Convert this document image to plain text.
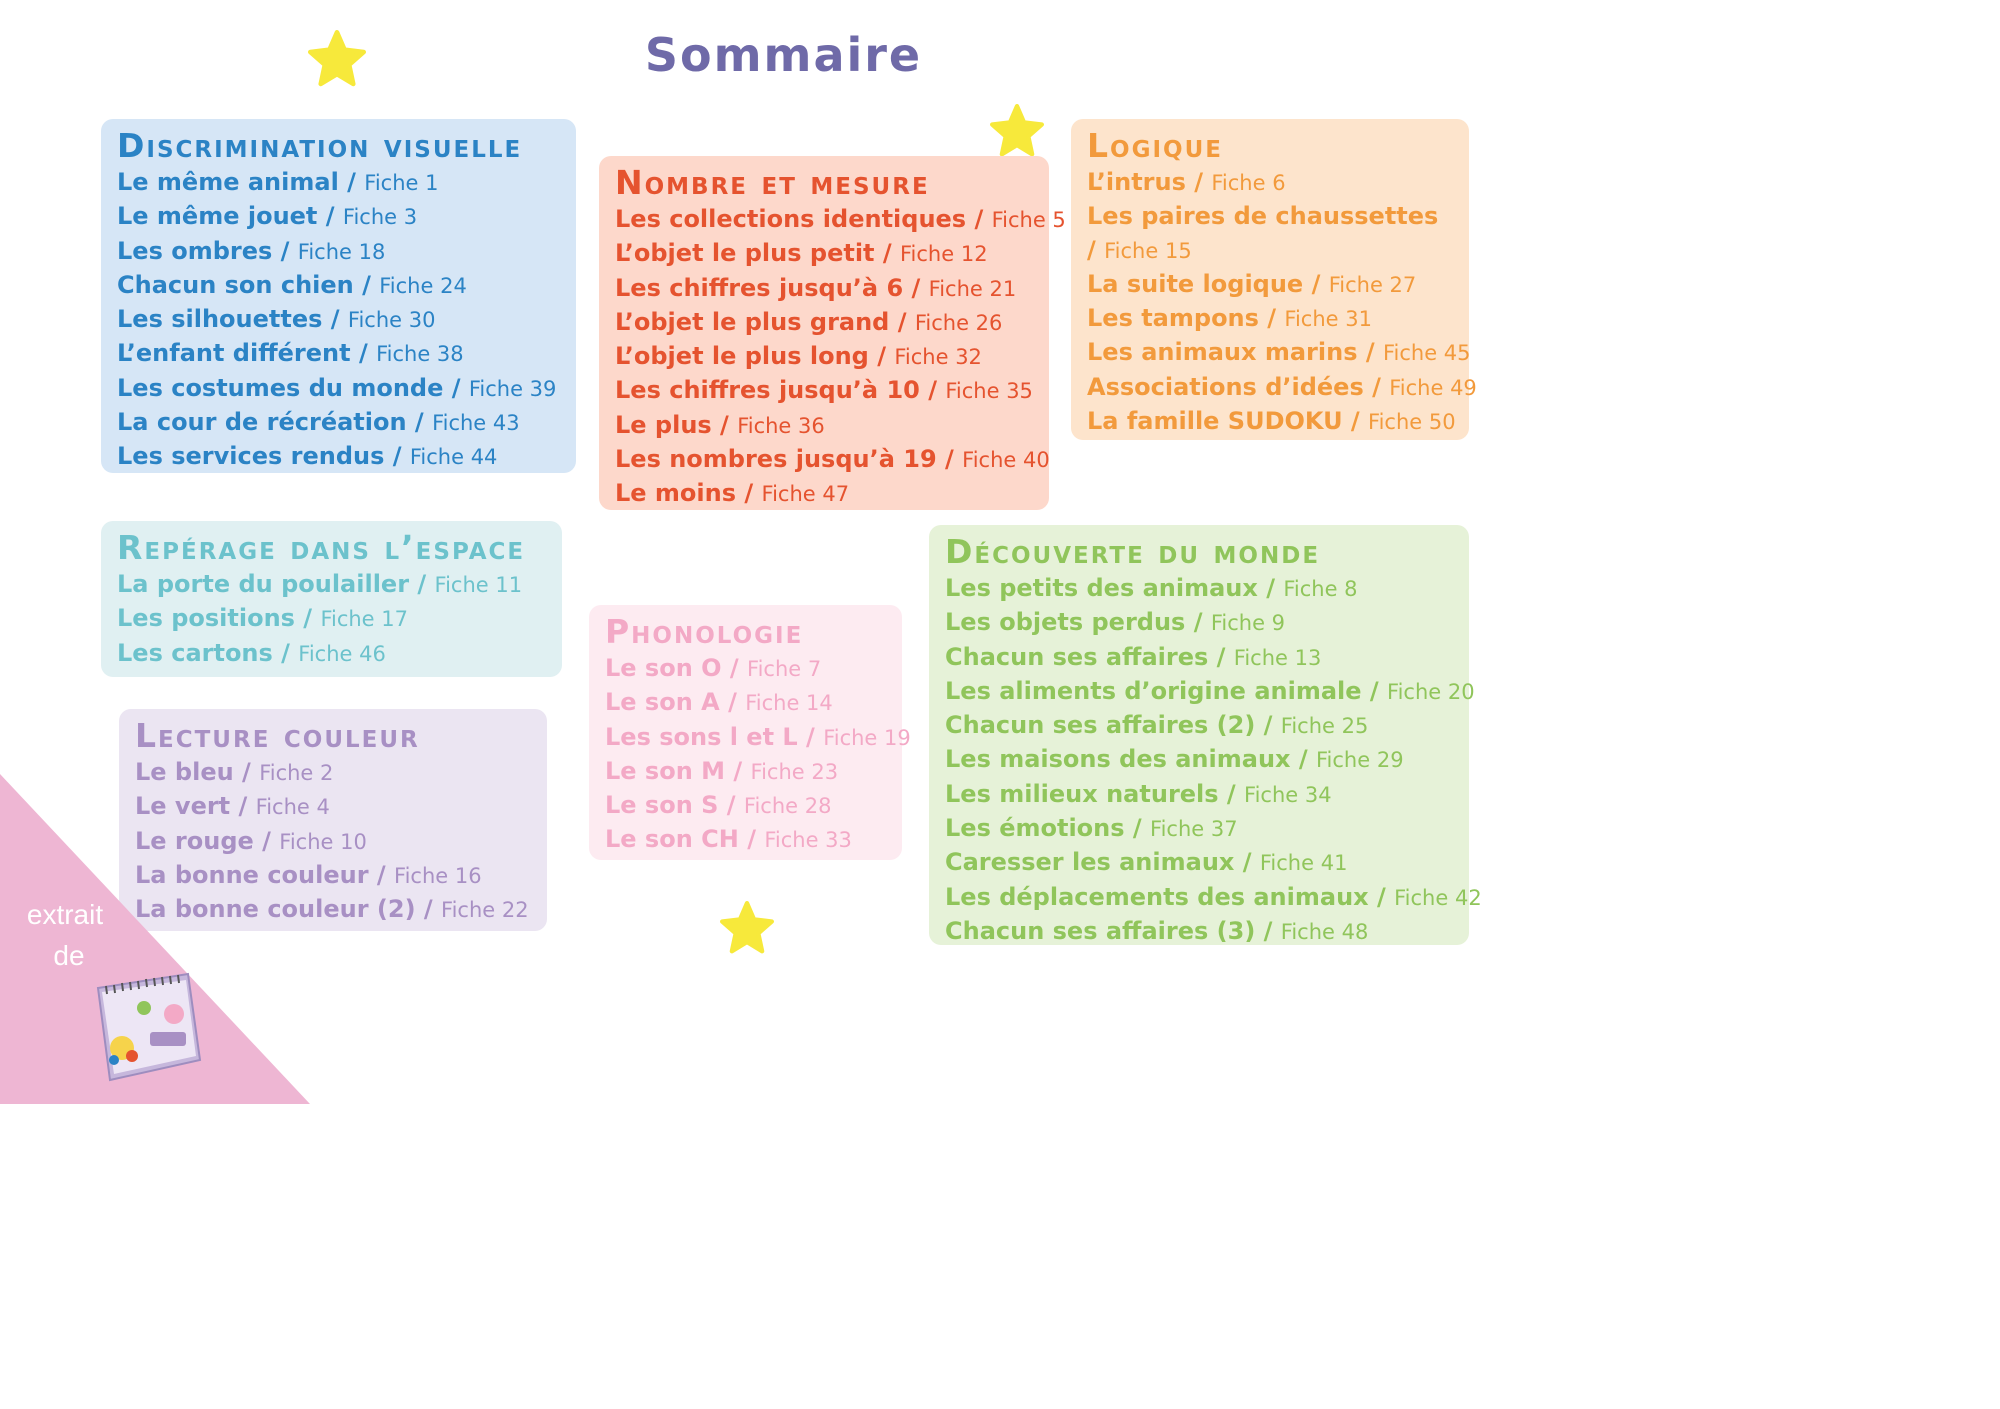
Sommaire
Discrimination visuelle
Le même animal / Fiche 1
Le même jouet / Fiche 3
Les ombres / Fiche 18
Chacun son chien / Fiche 24
Les silhouettes / Fiche 30
L’enfant différent / Fiche 38
Les costumes du monde / Fiche 39
La cour de récréation / Fiche 43
Les services rendus / Fiche 44
Nombre et mesure
Les collections identiques / Fiche 5
L’objet le plus petit / Fiche 12
Les chiffres jusqu’à 6 / Fiche 21
L’objet le plus grand / Fiche 26
L’objet le plus long / Fiche 32
Les chiffres jusqu’à 10 / Fiche 35
Le plus / Fiche 36
Les nombres jusqu’à 19 / Fiche 40
Le moins / Fiche 47
Logique
L’intrus / Fiche 6
Les paires de chaussettes / Fiche 15
La suite logique / Fiche 27
Les tampons / Fiche 31
Les animaux marins / Fiche 45
Associations d’idées / Fiche 49
La famille SUDOKU / Fiche 50
Repérage dans l’espace
La porte du poulailler / Fiche 11
Les positions / Fiche 17
Les cartons / Fiche 46
Phonologie
Le son O / Fiche 7
Le son A / Fiche 14
Les sons l et L / Fiche 19
Le son M / Fiche 23
Le son S / Fiche 28
Le son CH / Fiche 33
Découverte du monde
Les petits des animaux / Fiche 8
Les objets perdus / Fiche 9
Chacun ses affaires / Fiche 13
Les aliments d’origine animale / Fiche 20
Chacun ses affaires (2) / Fiche 25
Les maisons des animaux / Fiche 29
Les milieux naturels / Fiche 34
Les émotions / Fiche 37
Caresser les animaux / Fiche 41
Les déplacements des animaux / Fiche 42
Chacun ses affaires (3) / Fiche 48
Lecture couleur
Le bleu / Fiche 2
Le vert / Fiche 4
Le rouge / Fiche 10
La bonne couleur / Fiche 16
La bonne couleur (2) / Fiche 22
extrait
de
